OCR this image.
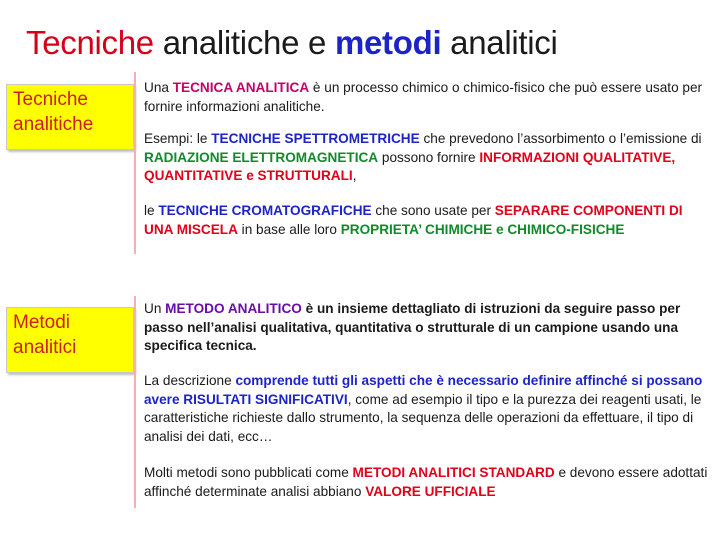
Tecniche analitiche e metodi analitici
Tecniche
analitiche

Una TECNICA ANALITICA è un processo chimico o chimico-fisico che può essere usato per fornire informazioni analitiche.

Esempi: le TECNICHE SPETTROMETRICHE che prevedono l’assorbimento o l’emissione di RADIAZIONE ELETTROMAGNETICA possono fornire INFORMAZIONI QUALITATIVE, QUANTITATIVE e STRUTTURALI,

le TECNICHE CROMATOGRAFICHE che sono usate per SEPARARE COMPONENTI DI UNA MISCELA in base alle loro PROPRIETA’ CHIMICHE e CHIMICO-FISICHE

Metodi
analitici

Un METODO ANALITICO è un insieme dettagliato di istruzioni da seguire passo per passo nell’analisi qualitativa, quantitativa o strutturale di un campione usando una specifica tecnica.

La descrizione comprende tutti gli aspetti che è necessario definire affinché si possano avere RISULTATI SIGNIFICATIVI, come ad esempio il tipo e la purezza dei reagenti usati, le caratteristiche richieste dallo strumento, la sequenza delle operazioni da effettuare, il tipo di analisi dei dati, ecc…

Molti metodi sono pubblicati come METODI ANALITICI STANDARD e devono essere adottati affinché determinate analisi abbiano VALORE UFFICIALE
